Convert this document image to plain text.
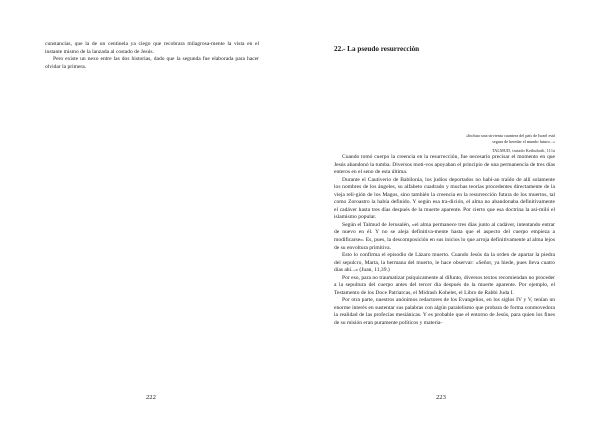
cunstancias, que la de un centinela ya ciego que recobrara milagrosa-mente la vista en el instante mismo de la lanzada al costado de Jesús.

Pero existe un nexo entre las dos historias, dado que la segunda fue elaborada para hacer olvidar la primera.

222
22.- La pseudo resurrección
«Incluso una sirvienta cuantera del país de Israel está segura de heredar el mundo futuro...»
TALMUD, tratado Kethuboth, 111a

Cuando tomó cuerpo la creencia en la resurrección, fue necesario precisar el momento en que Jesús abandonó la tumba. Diversos moti-vos apoyaban el principio de una permanencia de tres días enteros en el seno de esta última.

Durante el Cautiverio de Babilonia, los judíos deportados no habí-an traído de allí solamente los nombres de los ángeles, su alfabeto cuadrado y muchas teorías procedentes directamente de la vieja reli-gión de los Magos, sino también la creencia en la resurrección futura de los muertos, tal como Zoroastro la había definido. Y según esa tra-dición, el alma no abandonaba definitivamente el cadáver hasta tres días después de la muerte aparente. Por cierto que esa doctrina la asi-miló el islamismo popular.

Según el Talmud de Jerusalén, «el alma permanece tres días junto al cadáver, intentando entrar de nuevo en él. Y no se aleja definitiva-mente hasta que el aspecto del cuerpo empieza a modificarse». Es, pues, la descomposición en sus inicios lo que arroja definitivamente al alma lejos de su envoltura primitiva.

Esto lo confirma el episodio de Lázaro muerto. Cuando Jesús da la orden de apartar la piedra del sepulcro, Marta, la hermana del muerto, le hace observar: «Señor, ya hiede, pues lleva cuatro días ahí...» (Juan, 11,39.)

Por eso, para no traumatizar psíquicamente al difunto, diversos textos recomiendan no proceder a la sepultura del cuerpo antes del tercer día después de la muerte aparente. Por ejemplo, el Testamento de los Doce Patriarcas, el Midrash Kohelet, el Libro de Rabbi Juda I.

Por otra parte, nuestros anónimos redactores de los Evangelios, en los siglos IV y V, tenían un enorme interés en sustentar sus palabras con algún paralelismo que probara de forma conmovedora la realidad de las profecías mesiánicas. Y es probable que el entorno de Jesús, para quien los fines de su misión eran puramente políticos y materia-

223
